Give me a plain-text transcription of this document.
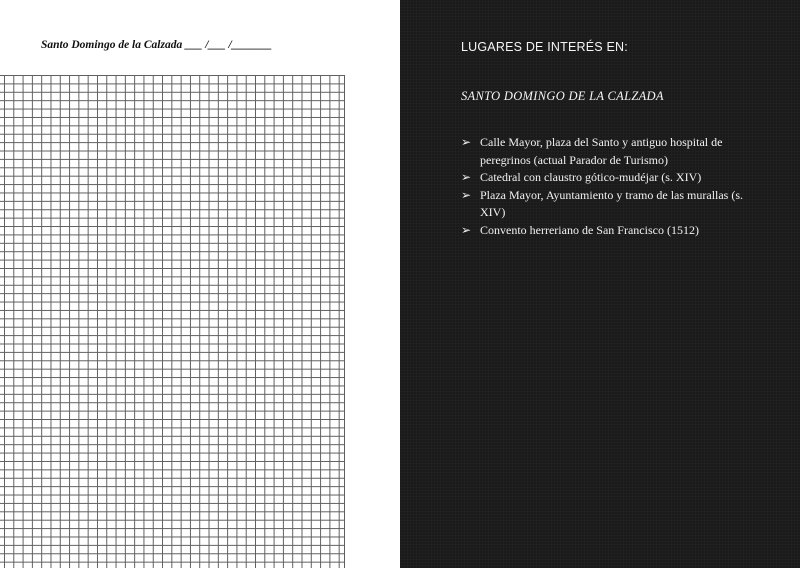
Santo Domingo de la Calzada ___ /___ /_______	LUGARES DE INTERÉS EN:
SANTO DOMINGO DE LA CALZADA
➢ Calle Mayor, plaza del Santo y antiguo hospital de peregrinos (actual Parador de Turismo)
➢ Catedral con claustro gótico-mudéjar (s. XIV)
➢ Plaza Mayor, Ayuntamiento y tramo de las murallas (s. XIV)
➢ Convento herreriano de San Francisco (1512)
